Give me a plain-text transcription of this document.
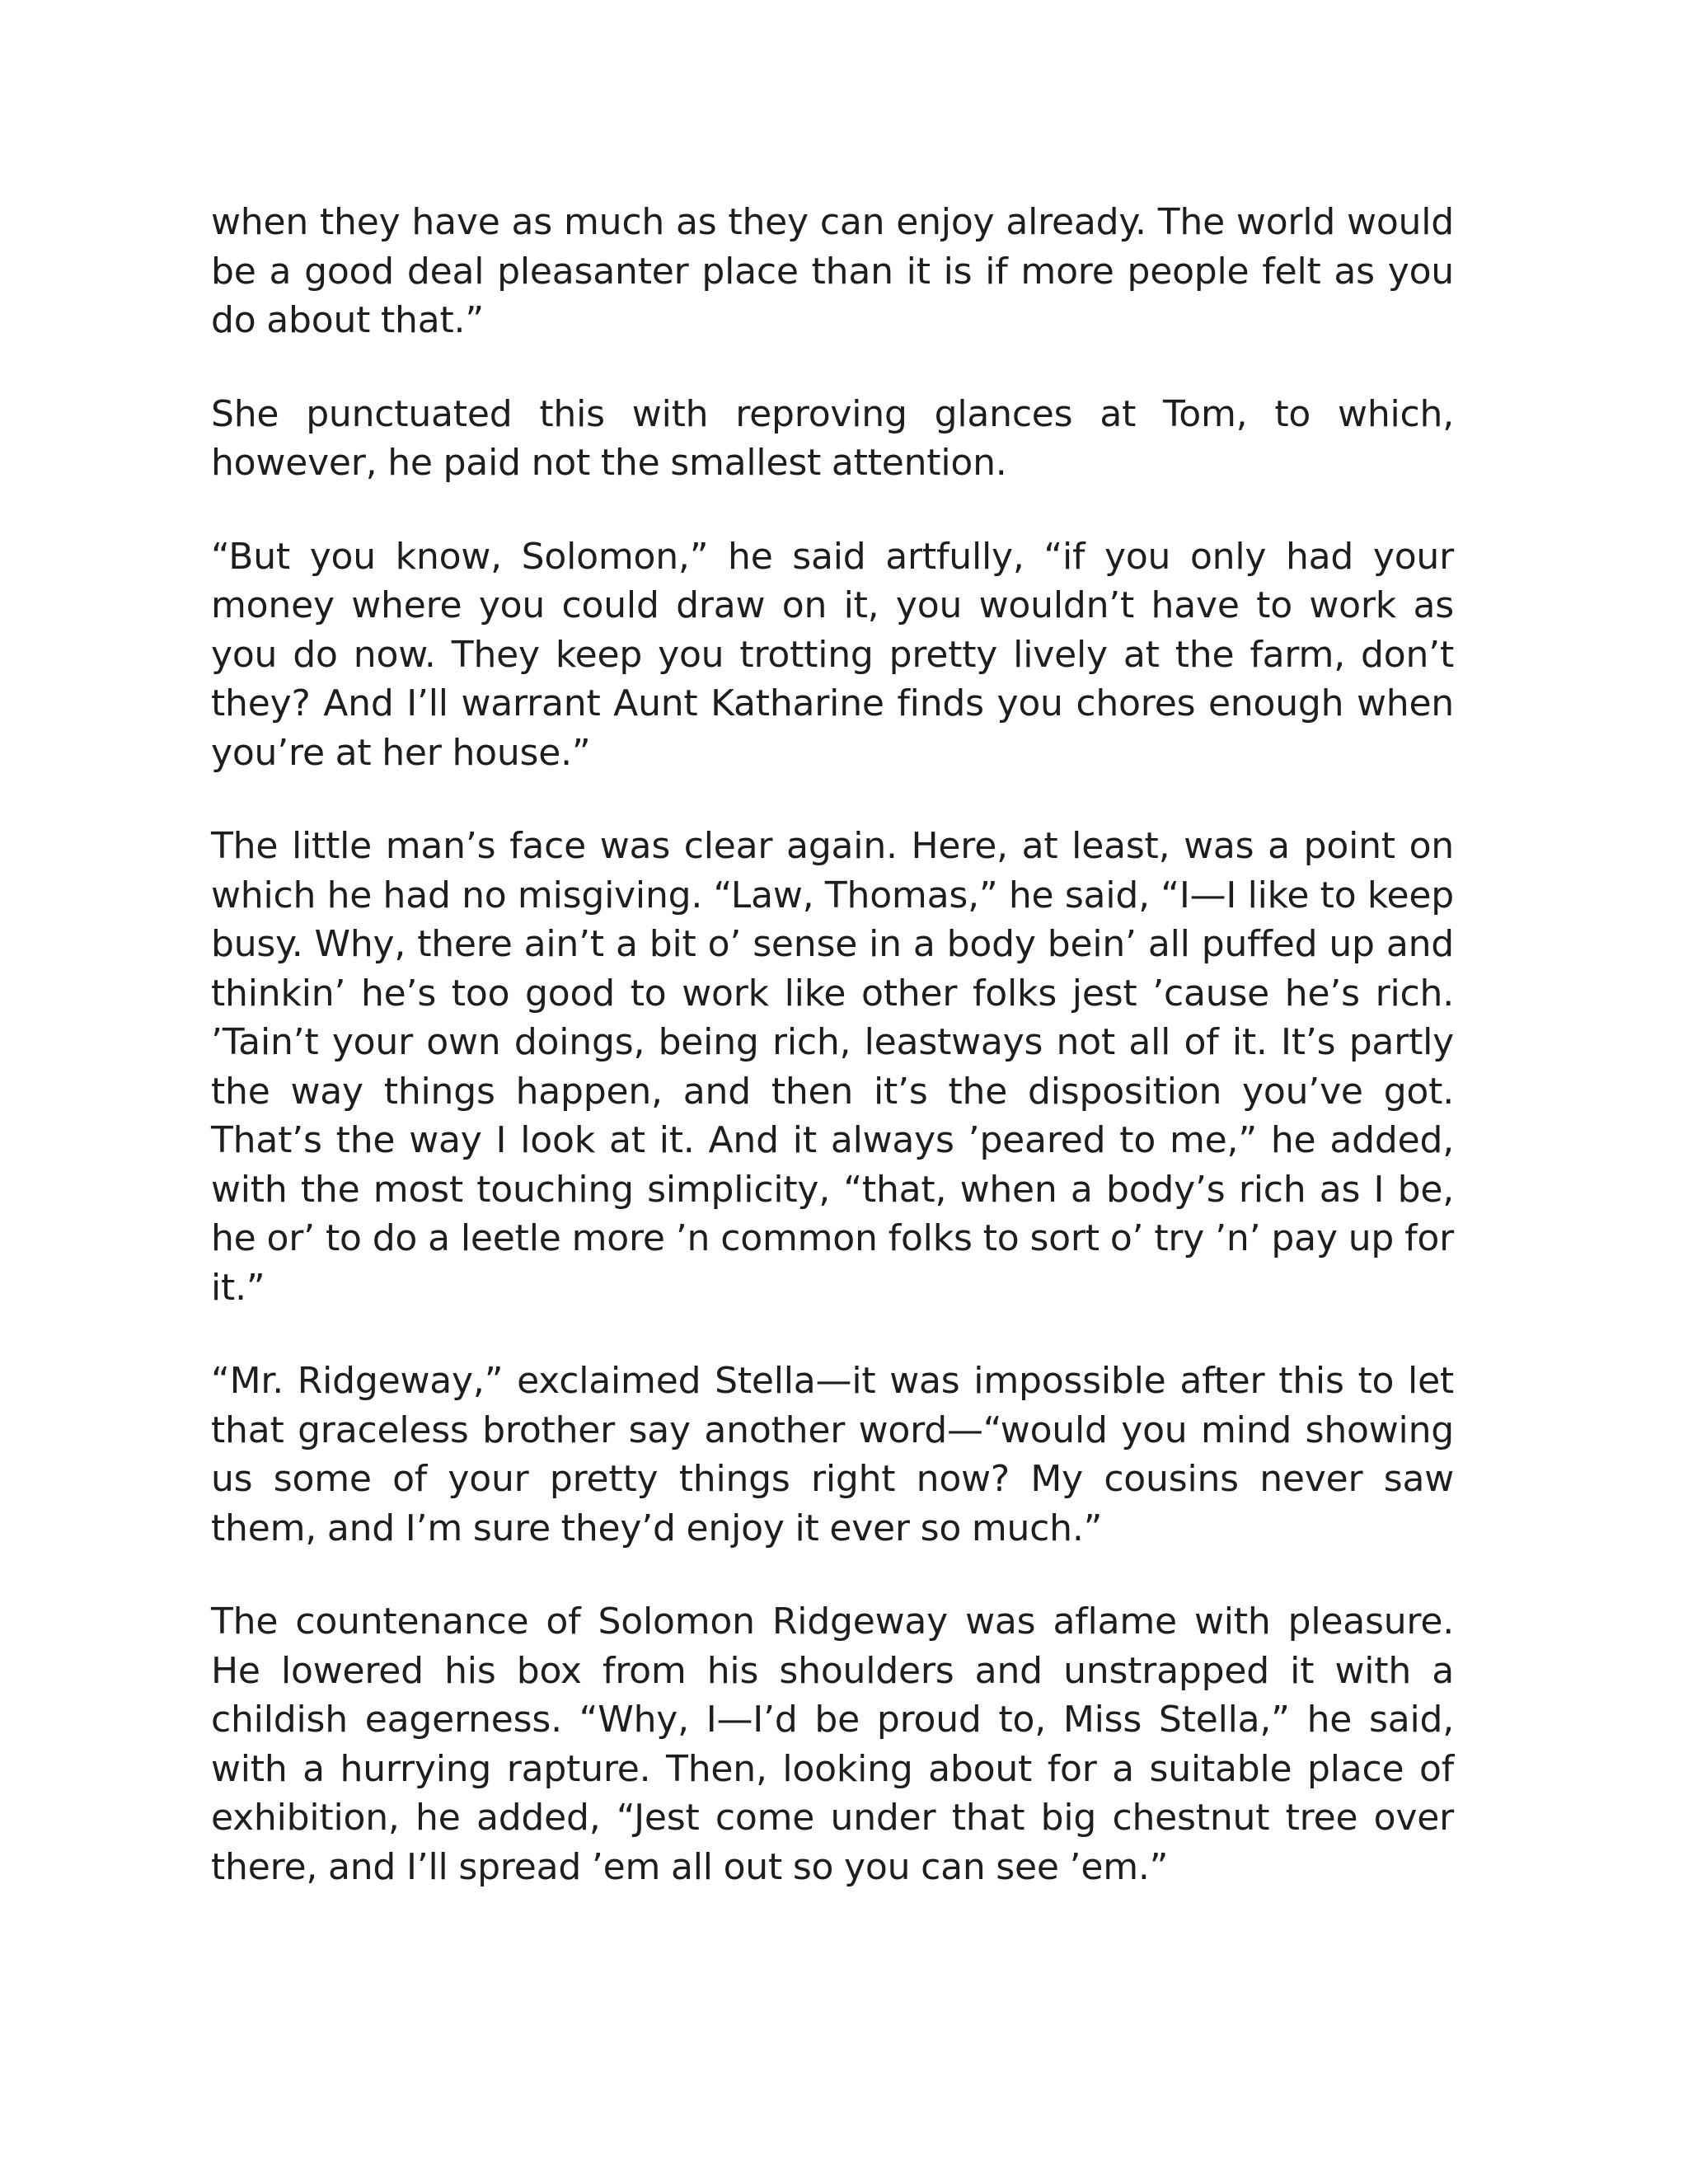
when they have as much as they can enjoy already. The world would be a good deal pleasanter place than it is if more people felt as you do about that.”

She punctuated this with reproving glances at Tom, to which, however, he paid not the smallest attention.

“But you know, Solomon,” he said artfully, “if you only had your money where you could draw on it, you wouldn’t have to work as you do now. They keep you trotting pretty lively at the farm, don’t they? And I’ll warrant Aunt Katharine finds you chores enough when you’re at her house.”

The little man’s face was clear again. Here, at least, was a point on which he had no misgiving. “Law, Thomas,” he said, “I—I like to keep busy. Why, there ain’t a bit o’ sense in a body bein’ all puffed up and thinkin’ he’s too good to work like other folks jest ’cause he’s rich. ’Tain’t your own doings, being rich, leastways not all of it. It’s partly the way things happen, and then it’s the disposition you’ve got. That’s the way I look at it. And it always ’peared to me,” he added, with the most touching simplicity, “that, when a body’s rich as I be, he or’ to do a leetle more ’n common folks to sort o’ try ’n’ pay up for it.”

“Mr. Ridgeway,” exclaimed Stella—it was impossible after this to let that graceless brother say another word—“would you mind showing us some of your pretty things right now? My cousins never saw them, and I’m sure they’d enjoy it ever so much.”

The countenance of Solomon Ridgeway was aflame with pleasure. He lowered his box from his shoulders and unstrapped it with a childish eagerness. “Why, I—I’d be proud to, Miss Stella,” he said, with a hurrying rapture. Then, looking about for a suitable place of exhibition, he added, “Jest come under that big chestnut tree over there, and I’ll spread ’em all out so you can see ’em.”
